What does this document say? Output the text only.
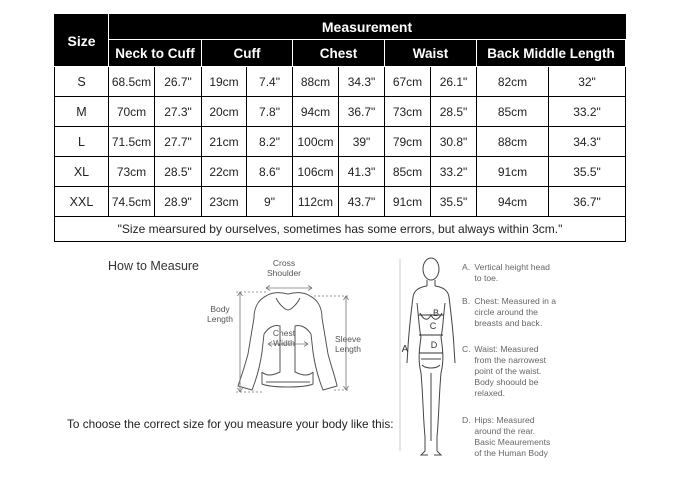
Size	Measurement									
	Neck to Cuff		Cuff		Chest		Waist		Back Middle Length	
S	68.5cm	26.7"	19cm	7.4"	88cm	34.3"	67cm	26.1"	82cm	32"
M	70cm	27.3"	20cm	7.8"	94cm	36.7"	73cm	28.5"	85cm	33.2"
L	71.5cm	27.7"	21cm	8.2"	100cm	39"	79cm	30.8"	88cm	34.3"
XL	73cm	28.5"	22cm	8.6"	106cm	41.3"	85cm	33.2"	91cm	35.5"
XXL	74.5cm	28.9"	23cm	9"	112cm	43.7"	91cm	35.5"	94cm	36.7"
"Size mearsured by ourselves, sometimes has some errors, but always within 3cm."										
How to Measure	Cross
Shoulder
Body
Length
Chest
Width	Sleeve
Length
To choose the correct size for you measure your body like this:
B
C
D
A
A. Vertical height head
to toe.
B. Chest: Measured in a
circle around the
breasts and back.
C. Waist: Measured
from the narrowest
point of the waist.
Body shoould be
relaxed.
D. Hips: Measured
around the rear.
Basic Meaurements
of the Human Body
